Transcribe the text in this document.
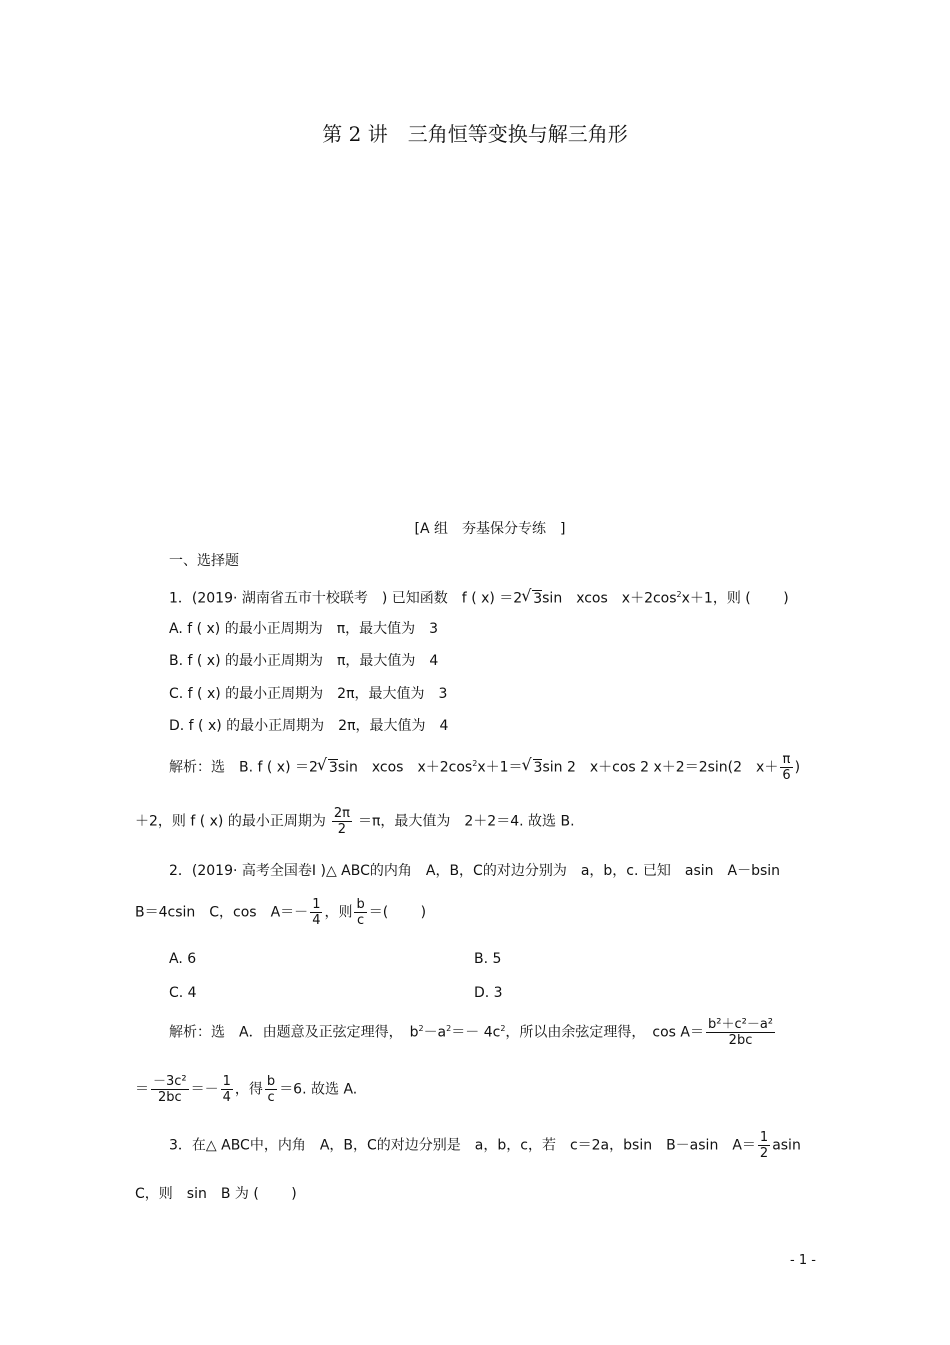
第 2 讲　三角恒等变换与解三角形
[A 组　夯基保分专练　]
一、选择题
1．(2019· 湖南省五市十校联考　) 已知函数　f ( x) ＝2√ 3sin　xcos　$x+2\cos^2x+1$，则 (　　 )
A. f ( x) 的最小正周期为　π，最大值为　3
B. f ( x) 的最小正周期为　π，最大值为　4
C. f ( x) 的最小正周期为　2π，最大值为　3
D. f ( x) 的最小正周期为　2π，最大值为　4
解析：选　B. f ( x) ＝2√ 3sin　xcos　$x+2\cos^2x+1=√$ 3sin 2　x＋cos 2 x＋2＝2sin(2　$x+ \frac{\pi}{6}$ )
＋2，则 f ( x) 的最小正周期为 $\frac{2\pi}{2} =\pi$，最大值为　2＋2＝4. 故选 B.
2．(2019· 高考全国卷Ⅰ )△ ABC的内角　A，B，C的对边分别为　a，b，c. 已知　asin　A－bsin
B＝4csin　C，cos　$A=- \frac{1}{4}$ ，则 $\frac{b}{c}$ ＝(　　 )
A. 6	B. 5
C. 4	D. 3
解析：选　A．由题意及正弦定理得，　$b^2-a^2=- 4c^2$，所以由余弦定理得，　$\cos A= \frac{\text{b²＋c²－a²}}{2bc}$
＝ $\frac{\text{－3c²}}{2bc} =- \frac{1}{4}$ ，得 $\frac{b}{c} =6$. 故选 A.
3．在△ ABC中，内角　A，B，C的对边分别是　a，b，c，若　c＝2a，bsin　B－asin　$A= \frac{1}{2}$ asin
C，则　sin　B 为 (　　 )
- 1 -
